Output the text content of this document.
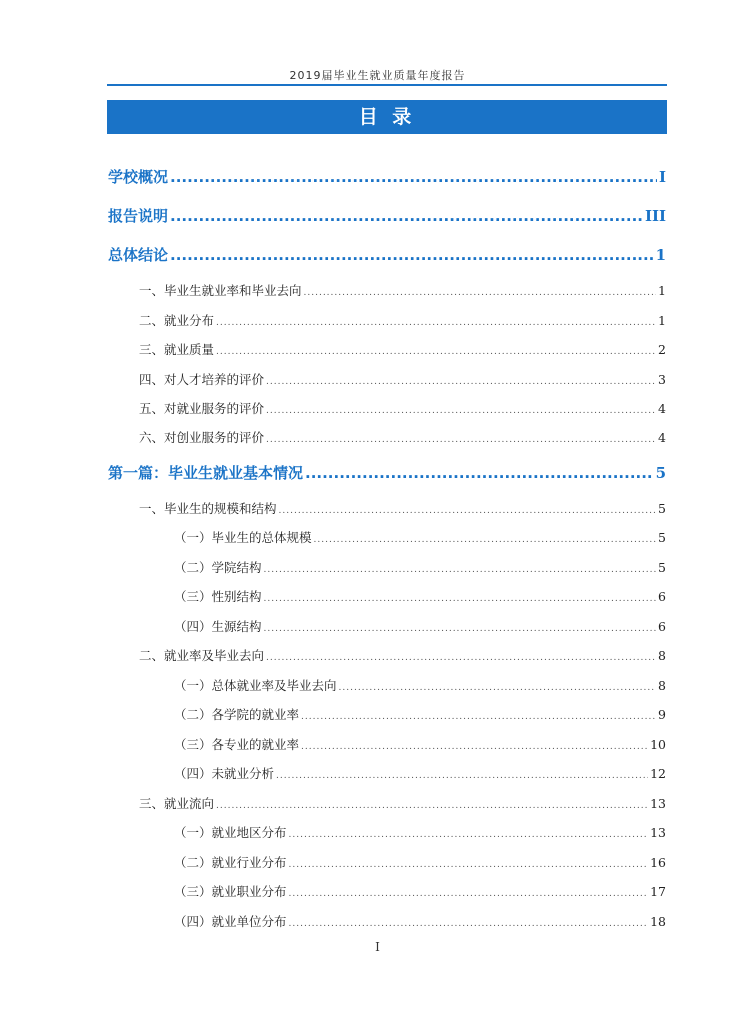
2019届毕业生就业质量年度报告
目 录
学校概况 .....	I
报告说明 .....	III
总体结论 .....	1
一、毕业生就业率和毕业去向 .....	1
二、就业分布 .....	1
三、就业质量 .....	2
四、对人才培养的评价 .....	3
五、对就业服务的评价 .....	4
六、对创业服务的评价 .....	4
第一篇：毕业生就业基本情况 .....	5
一、毕业生的规模和结构 .....	5
（一）毕业生的总体规模 .....	5
（二）学院结构 .....	5
（三）性别结构 .....	6
（四）生源结构 .....	6
二、就业率及毕业去向 .....	8
（一）总体就业率及毕业去向 .....	8
（二）各学院的就业率 .....	9
（三）各专业的就业率 .....	10
（四）未就业分析 .....	12
三、就业流向 .....	13
（一）就业地区分布 .....	13
（二）就业行业分布 .....	16
（三）就业职业分布 .....	17
（四）就业单位分布 .....	18
I
